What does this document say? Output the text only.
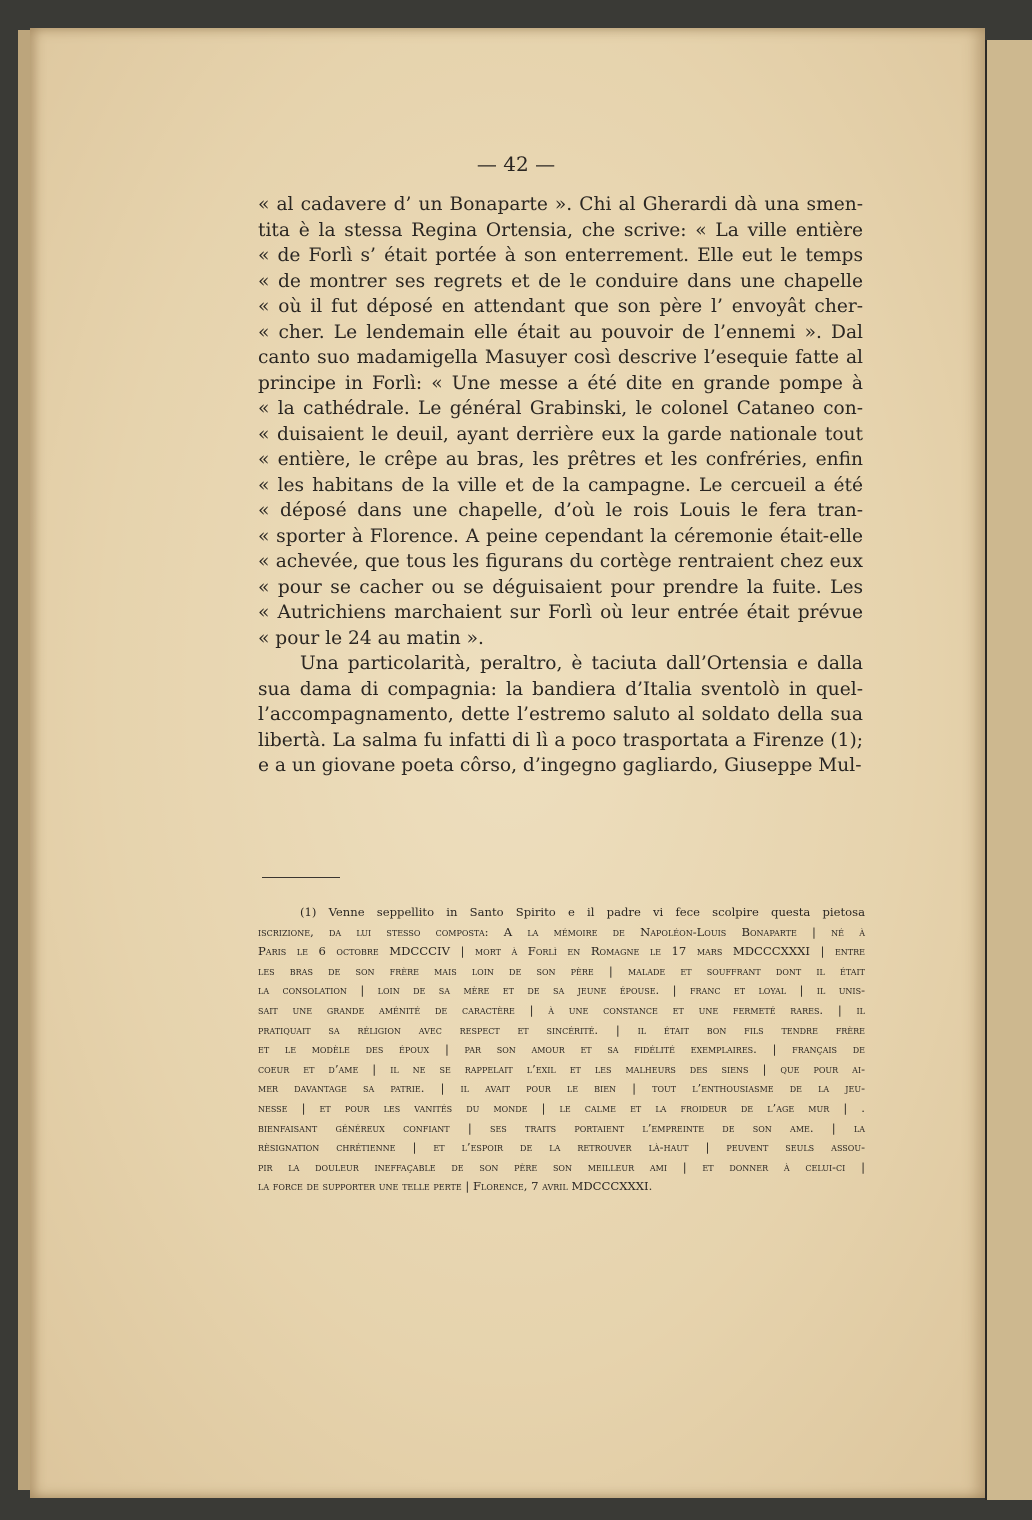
— 42 —
« al cadavere d’ un Bonaparte ». Chi al Gherardi dà una smen-
tita è la stessa Regina Ortensia, che scrive: « La ville entière
« de Forlì s’ était portée à son enterrement. Elle eut le temps
« de montrer ses regrets et de le conduire dans une chapelle
« où il fut déposé en attendant que son père l’ envoyât cher-
« cher. Le lendemain elle était au pouvoir de l’ennemi ». Dal
canto suo madamigella Masuyer così descrive l’esequie fatte al
principe in Forlì: « Une messe a été dite en grande pompe à
« la cathédrale. Le général Grabinski, le colonel Cataneo con-
« duisaient le deuil, ayant derrière eux la garde nationale tout
« entière, le crêpe au bras, les prêtres et les confréries, enfin
« les habitans de la ville et de la campagne. Le cercueil a été
« déposé dans une chapelle, d’où le rois Louis le fera tran-
« sporter à Florence. A peine cependant la céremonie était-elle
« achevée, que tous les figurans du cortège rentraient chez eux
« pour se cacher ou se déguisaient pour prendre la fuite. Les
« Autrichiens marchaient sur Forlì où leur entrée était prévue
« pour le 24 au matin ».
Una particolarità, peraltro, è taciuta dall’Ortensia e dalla
sua dama di compagnia: la bandiera d’Italia sventolò in quel-
l’accompagnamento, dette l’estremo saluto al soldato della sua
libertà. La salma fu infatti di lì a poco trasportata a Firenze (1);
e a un giovane poeta côrso, d’ingegno gagliardo, Giuseppe Mul-
(1) Venne seppellito in Santo Spirito e il padre vi fece scolpire questa pietosa
iscrizione, da lui stesso composta: A la mémoire de Napoléon-Louis Bonaparte | né à
Paris le 6 octobre MDCCCIV | mort à Forlì en Romagne le 17 mars MDCCCXXXI | entre
les bras de son frère mais loin de son père | malade et souffrant dont il était
la consolation | loin de sa mère et de sa jeune épouse. | franc et loyal | il unis-
sait une grande aménité de caractère | à une constance et une fermeté rares. | il
pratiquait sa réligion avec respect et sincérité. | il était bon fils tendre frère
et le modèle des époux | par son amour et sa fidélité exemplaires. | français de
coeur et d’ame | il ne se rappelait l’exil et les malheurs des siens | que pour ai-
mer davantage sa patrie. | il avait pour le bien | tout l’enthousiasme de la jeu-
nesse | et pour les vanités du monde | le calme et la froideur de l’age mur | .
bienfaisant généreux confiant | ses traits portaient l’empreinte de son ame. | la
rèsignation chrétienne | et l’espoir de la retrouver là-haut | peuvent seuls assou-
pir la douleur ineffaçable de son père son meilleur ami | et donner à celui-ci |
la force de supporter une telle perte | Florence, 7 avril MDCCCXXXI.
